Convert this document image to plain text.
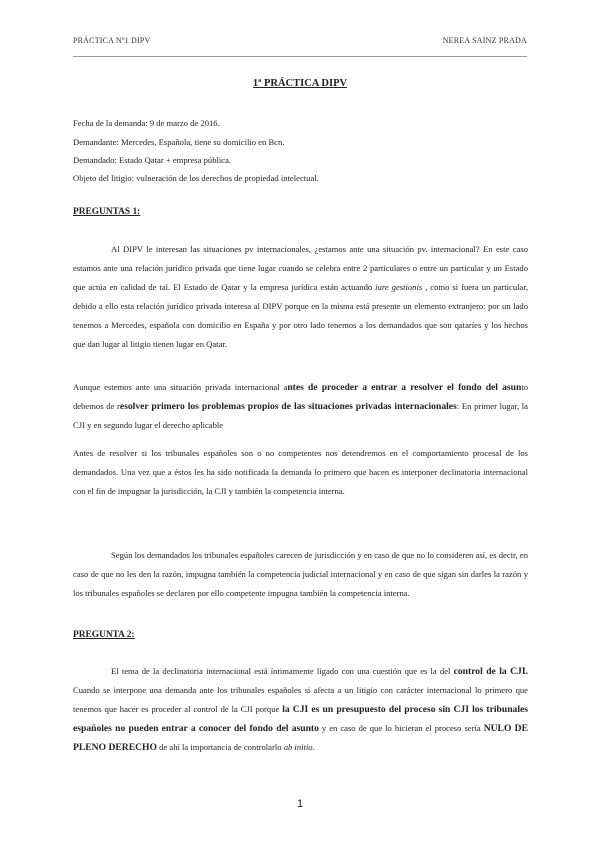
PRÁCTICA Nº1 DIPV	NEREA SAINZ PRADA
1ª PRÁCTICA DIPV
Fecha de la demanda: 9 de marzo de 2016.
Demandante: Mercedes, Española, tiene su domicilio en Bcn.
Demandado: Estado Qatar + empresa pública.
Objeto del litigio: vulneración de los derechos de propiedad intelectual.
PREGUNTAS 1:

Al DIPV le interesan las situaciones pv internacionales, ¿estamos ante una situación pv. internacional? En este caso estamos ante una relación jurídico privada que tiene lugar cuando se celebra entre 2 particulares o entre un particular y un Estado que actúa en calidad de tal. El Estado de Qatar y la empresa jurídica están actuando iure gestionis , como si fuera un particular, debido a ello esta relación jurídico privada interesa al DIPV porque en la misma está presente un elemento extranjero: por un lado tenemos a Mercedes, española con domicilio en España y por otro lado tenemos a los demandados que son qataríes y los hechos que dan lugar al litigio tienen lugar en Qatar.

Aunque estemos ante una situación privada internacional antes de proceder a entrar a resolver el fondo del asunto debemos de resolver primero los problemas propios de las situaciones privadas internacionales: En primer lugar, la CJI y en segundo lugar el derecho aplicable

Antes de resolver si los tribunales españoles son o no competentes nos detendremos en el comportamiento procesal de los demandados. Una vez que a éstos les ha sido notificada la demanda lo primero que hacen es interponer declinatoria internacional con el fin de impugnar la jurisdicción, la CJI y también la competencia interna.

Según los demandados los tribunales españoles carecen de jurisdicción y en caso de que no lo consideren así, es decir, en caso de que no les den la razón, impugna también la competencia judicial internacional y en caso de que sigan sin darles la razón y los tribunales españoles se declaren por ello competente impugna también la competencia interna.

PREGUNTA 2:

El tema de la declinatoria internacional está íntimamente ligado con una cuestión que es la del control de la CJI. Cuando se interpone una demanda ante los tribunales españoles si afecta a un litigio con carácter internacional lo primero que tenemos que hacer es proceder al control de la CJI porque la CJI es un presupuesto del proceso sin CJI los tribunales españoles no pueden entrar a conocer del fondo del asunto y en caso de que lo hicieran el proceso sería NULO DE PLENO DERECHO de ahí la importancia de controlarlo ab initio.

1
